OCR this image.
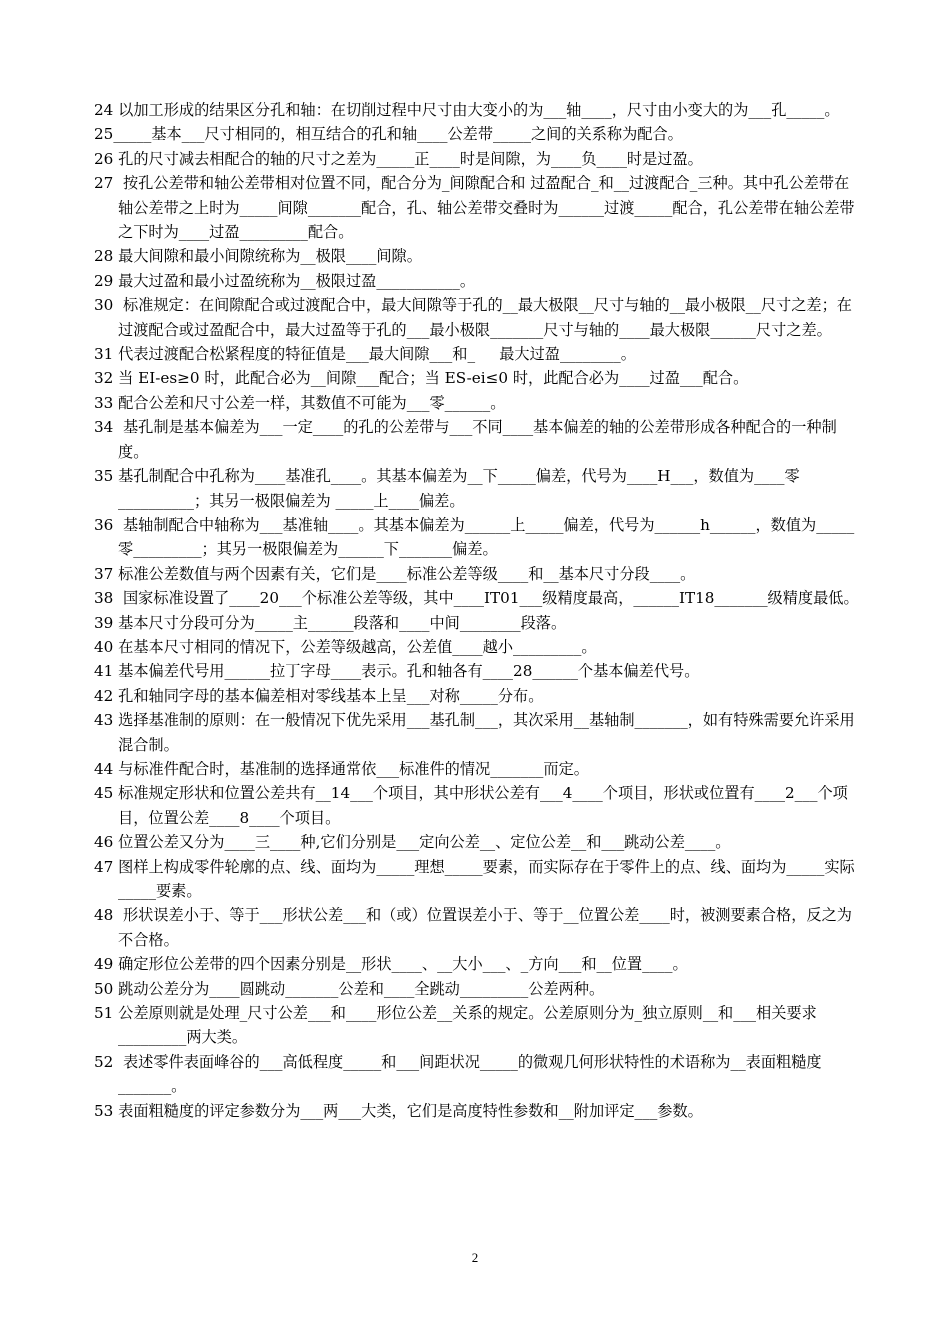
24 以加工形成的结果区分孔和轴：在切削过程中尺寸由大变小的为___轴____，尺寸由小变大的为___孔_____。

25_____基本___尺寸相同的，相互结合的孔和轴____公差带_____之间的关系称为配合。

26 孔的尺寸减去相配合的轴的尺寸之差为_____正____时是间隙，为____负____时是过盈。

27  按孔公差带和轴公差带相对位置不同，配合分为_间隙配合和 过盈配合_和__过渡配合_三种。其中孔公差带在轴公差带之上时为_____间隙_______配合，孔、轴公差带交叠时为______过渡_____配合，孔公差带在轴公差带之下时为____过盈_________配合。

28 最大间隙和最小间隙统称为__极限____间隙。

29 最大过盈和最小过盈统称为__极限过盈___________。

30  标准规定：在间隙配合或过渡配合中，最大间隙等于孔的__最大极限__尺寸与轴的__最小极限__尺寸之差；在过渡配合或过盈配合中，最大过盈等于孔的___最小极限_______尺寸与轴的____最大极限______尺寸之差。

31 代表过渡配合松紧程度的特征值是___最大间隙___和_     最大过盈________。

32 当 EI-es≥0 时，此配合必为__间隙___配合；当 ES-ei≤0 时，此配合必为____过盈___配合。

33 配合公差和尺寸公差一样，其数值不可能为___零______。

34  基孔制是基本偏差为___一定____的孔的公差带与___不同____基本偏差的轴的公差带形成各种配合的一种制度。

35 基孔制配合中孔称为____基准孔____。其基本偏差为__下_____偏差，代号为____H___，数值为____零__________；其另一极限偏差为 _____上____偏差。

36  基轴制配合中轴称为___基准轴____。其基本偏差为______上_____偏差，代号为______h______，数值为_____零_________；其另一极限偏差为______下_______偏差。

37 标准公差数值与两个因素有关，它们是____标准公差等级____和__基本尺寸分段____。

38  国家标准设置了____20___个标准公差等级，其中____IT01___级精度最高，______IT18_______级精度最低。

39 基本尺寸分段可分为_____主______段落和____中间________段落。

40 在基本尺寸相同的情况下，公差等级越高，公差值____越小_________。

41 基本偏差代号用______拉丁字母____表示。孔和轴各有____28______个基本偏差代号。

42 孔和轴同字母的基本偏差相对零线基本上呈___对称_____分布。

43 选择基准制的原则：在一般情况下优先采用___基孔制___，其次采用__基轴制_______，如有特殊需要允许采用混合制。

44 与标准件配合时，基准制的选择通常依___标准件的情况_______而定。

45 标准规定形状和位置公差共有__14___个项目，其中形状公差有___4____个项目，形状或位置有____2___个项目，位置公差____8____个项目。

46 位置公差又分为____三____种,它们分别是___定向公差__、定位公差__和___跳动公差____。

47 图样上构成零件轮廓的点、线、面均为_____理想_____要素，而实际存在于零件上的点、线、面均为_____实际_____要素。

48  形状误差小于、等于___形状公差___和（或）位置误差小于、等于__位置公差____时，被测要素合格，反之为不合格。

49 确定形位公差带的四个因素分别是__形状____、__大小___、_方向___和__位置____。

50 跳动公差分为____圆跳动_______公差和____全跳动_________公差两种。

51 公差原则就是处理_尺寸公差___和____形位公差__关系的规定。公差原则分为_独立原则__和___相关要求_________两大类。

52  表述零件表面峰谷的___高低程度_____和___间距状况_____的微观几何形状特性的术语称为__表面粗糙度_______。

53 表面粗糙度的评定参数分为___两___大类，它们是高度特性参数和__附加评定___参数。

2
